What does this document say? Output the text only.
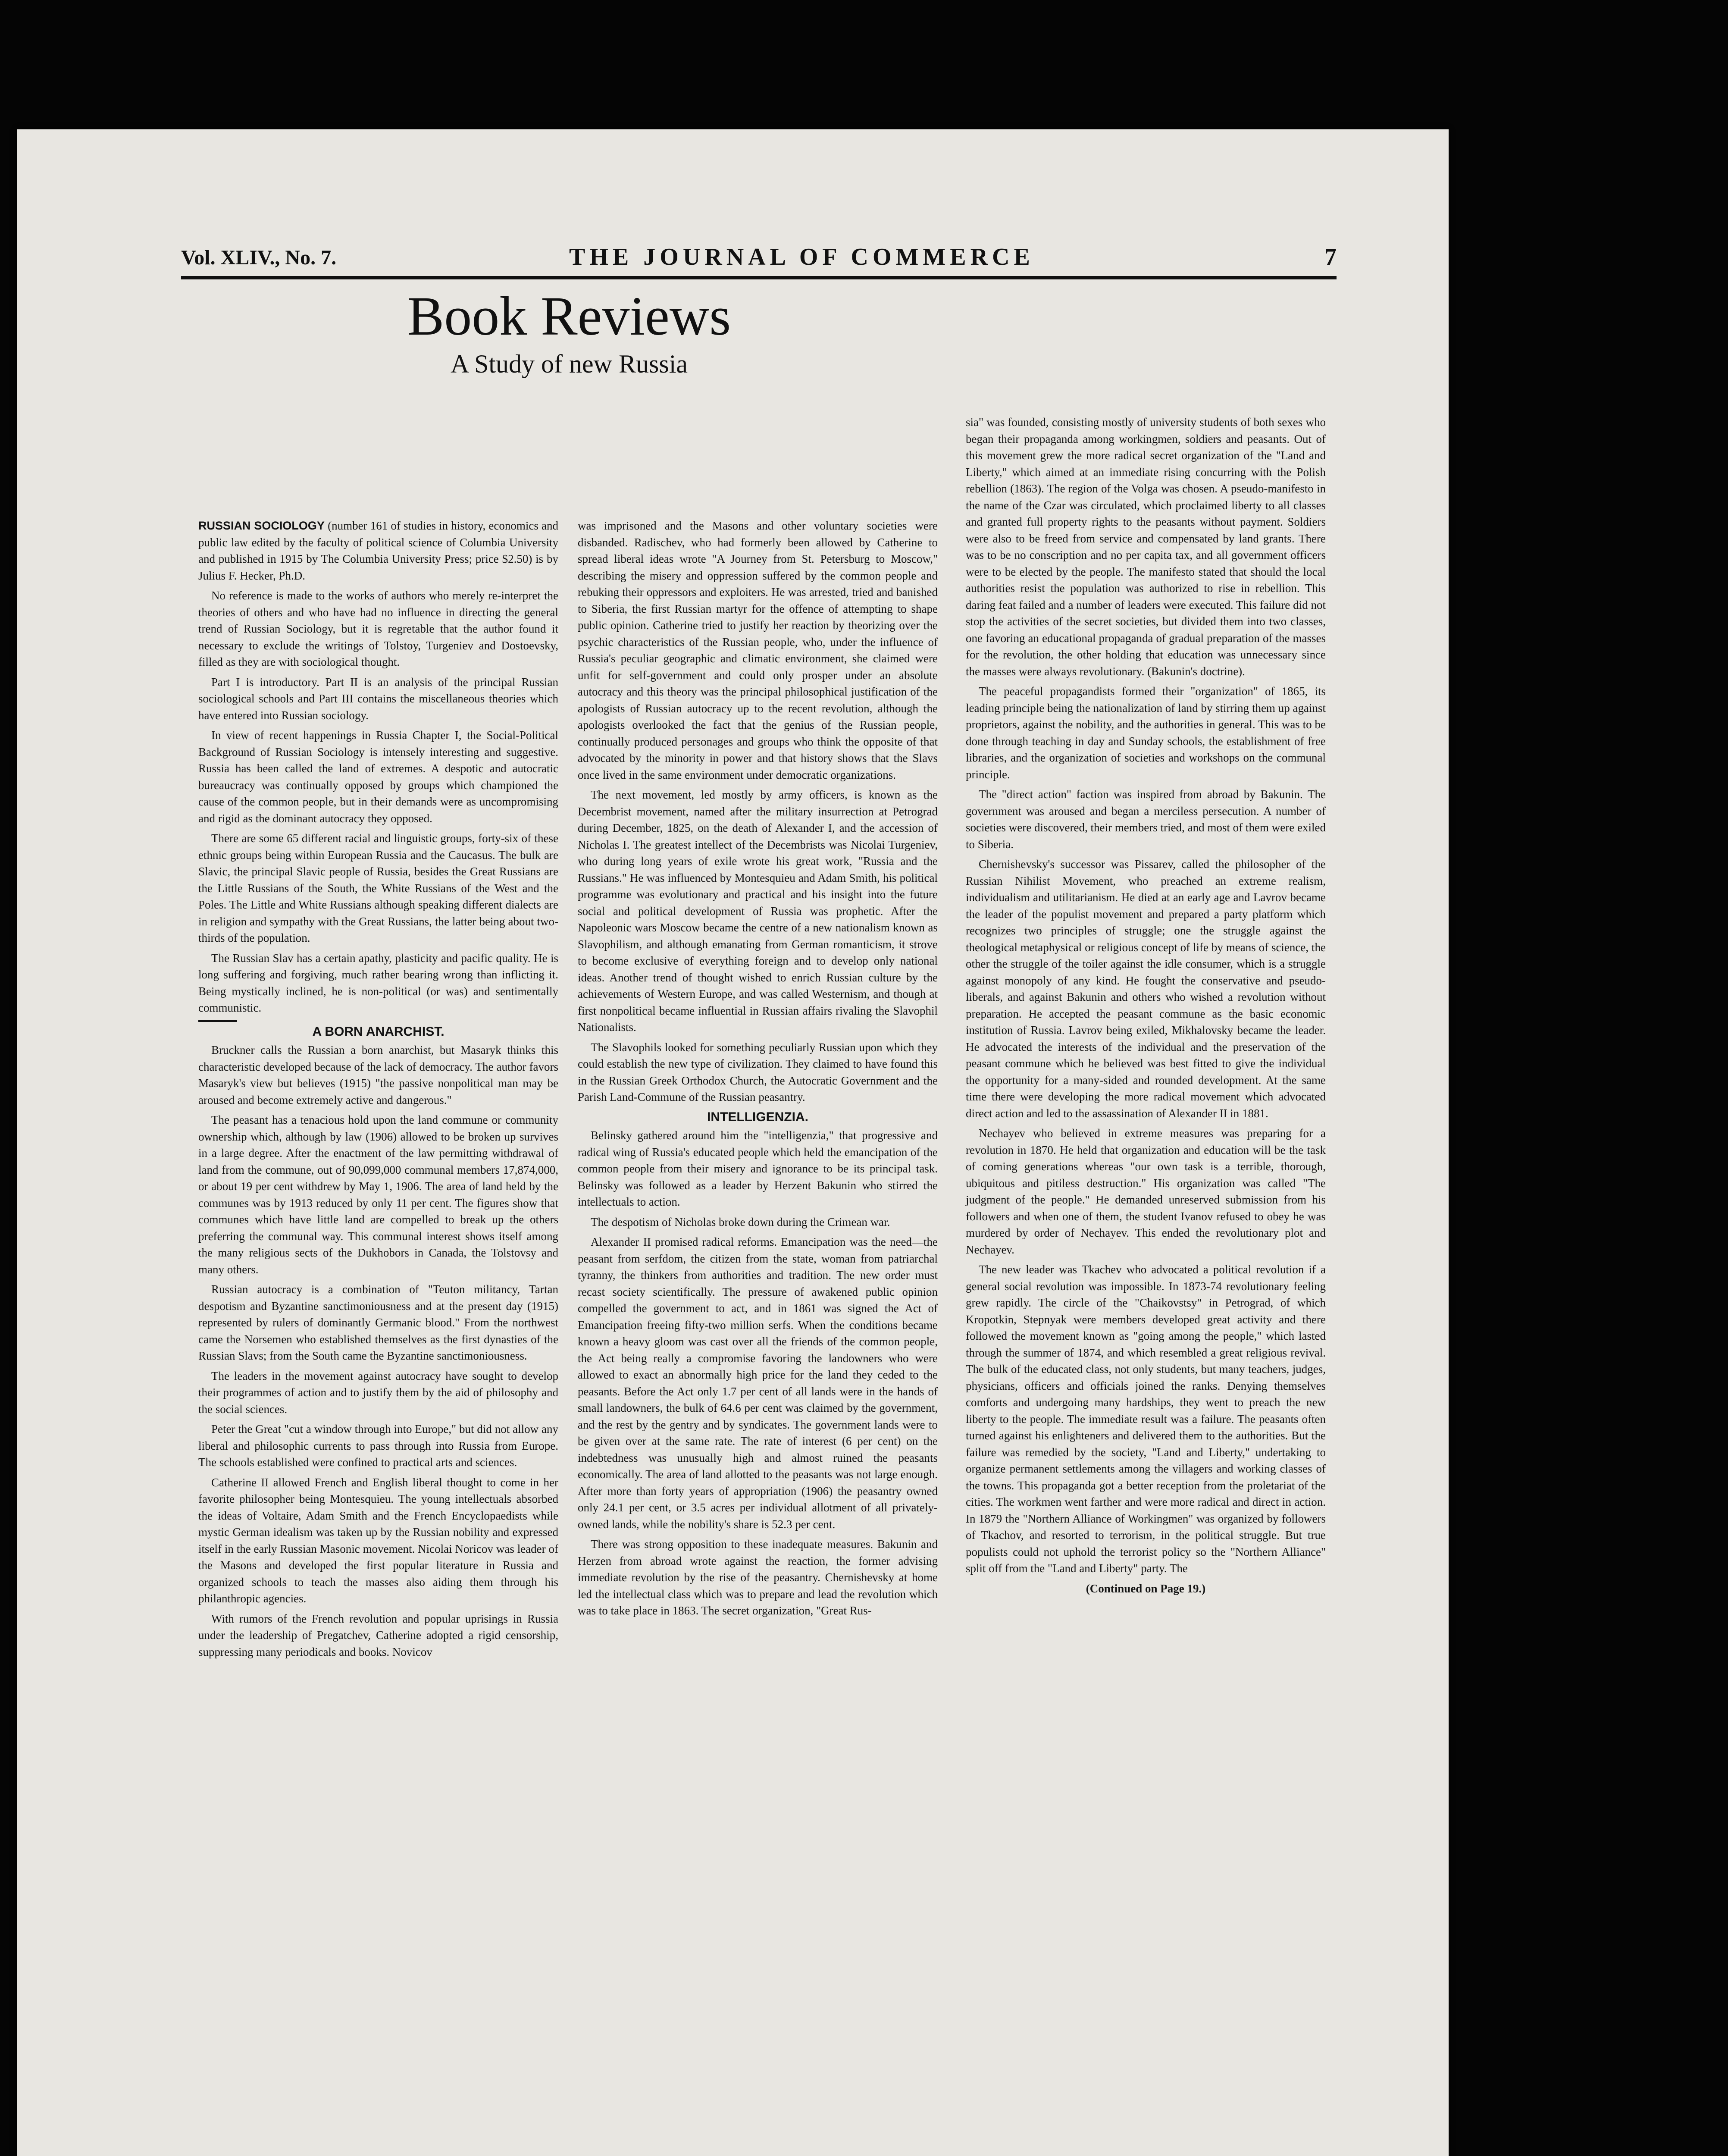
Vol. XLIV., No. 7.	THE JOURNAL OF COMMERCE	7
Book Reviews
A Study of new Russia

RUSSIAN SOCIOLOGY (number 161 of studies in history, economics and public law edited by the faculty of political science of Columbia University and published in 1915 by The Columbia University Press; price $2.50) is by Julius F. Hecker, Ph.D.

No reference is made to the works of authors who merely re-interpret the theories of others and who have had no influence in directing the general trend of Russian Sociology, but it is regretable that the author found it necessary to exclude the writings of Tolstoy, Turgeniev and Dostoevsky, filled as they are with sociological thought.

Part I is introductory. Part II is an analysis of the principal Russian sociological schools and Part III contains the miscellaneous theories which have entered into Russian sociology.

In view of recent happenings in Russia Chapter I, the Social-Political Background of Russian Sociology is intensely interesting and suggestive. Russia has been called the land of extremes. A despotic and autocratic bureaucracy was continually opposed by groups which championed the cause of the common people, but in their demands were as uncompromising and rigid as the dominant autocracy they opposed.

There are some 65 different racial and linguistic groups, forty-six of these ethnic groups being within European Russia and the Caucasus. The bulk are Slavic, the principal Slavic people of Russia, besides the Great Russians are the Little Russians of the South, the White Russians of the West and the Poles. The Little and White Russians although speaking different dialects are in religion and sympathy with the Great Russians, the latter being about two-thirds of the population.

The Russian Slav has a certain apathy, plasticity and pacific quality. He is long suffering and forgiving, much rather bearing wrong than inflicting it. Being mystically inclined, he is non-political (or was) and sentimentally communistic.

A BORN ANARCHIST.

Bruckner calls the Russian a born anarchist, but Masaryk thinks this characteristic developed because of the lack of democracy. The author favors Masaryk's view but believes (1915) "the passive nonpolitical man may be aroused and become extremely active and dangerous."

The peasant has a tenacious hold upon the land commune or community ownership which, although by law (1906) allowed to be broken up survives in a large degree. After the enactment of the law permitting withdrawal of land from the commune, out of 90,099,000 communal members 17,874,000, or about 19 per cent withdrew by May 1, 1906. The area of land held by the communes was by 1913 reduced by only 11 per cent. The figures show that communes which have little land are compelled to break up the others preferring the communal way. This communal interest shows itself among the many religious sects of the Dukhobors in Canada, the Tolstovsy and many others.

Russian autocracy is a combination of "Teuton militancy, Tartan despotism and Byzantine sanctimoniousness and at the present day (1915) represented by rulers of dominantly Germanic blood." From the northwest came the Norsemen who established themselves as the first dynasties of the Russian Slavs; from the South came the Byzantine sanctimoniousness.

The leaders in the movement against autocracy have sought to develop their programmes of action and to justify them by the aid of philosophy and the social sciences.

Peter the Great "cut a window through into Europe," but did not allow any liberal and philosophic currents to pass through into Russia from Europe. The schools established were confined to practical arts and sciences.

Catherine II allowed French and English liberal thought to come in her favorite philosopher being Montesquieu. The young intellectuals absorbed the ideas of Voltaire, Adam Smith and the French Encyclopaedists while mystic German idealism was taken up by the Russian nobility and expressed itself in the early Russian Masonic movement. Nicolai Noricov was leader of the Masons and developed the first popular literature in Russia and organized schools to teach the masses also aiding them through his philanthropic agencies.

With rumors of the French revolution and popular uprisings in Russia under the leadership of Pregatchev, Catherine adopted a rigid censorship, suppressing many periodicals and books. Novicov

was imprisoned and the Masons and other voluntary societies were disbanded. Radischev, who had formerly been allowed by Catherine to spread liberal ideas wrote "A Journey from St. Petersburg to Moscow," describing the misery and oppression suffered by the common people and rebuking their oppressors and exploiters. He was arrested, tried and banished to Siberia, the first Russian martyr for the offence of attempting to shape public opinion. Catherine tried to justify her reaction by theorizing over the psychic characteristics of the Russian people, who, under the influence of Russia's peculiar geographic and climatic environment, she claimed were unfit for self-government and could only prosper under an absolute autocracy and this theory was the principal philosophical justification of the apologists of Russian autocracy up to the recent revolution, although the apologists overlooked the fact that the genius of the Russian people, continually produced personages and groups who think the opposite of that advocated by the minority in power and that history shows that the Slavs once lived in the same environment under democratic organizations.

The next movement, led mostly by army officers, is known as the Decembrist movement, named after the military insurrection at Petrograd during December, 1825, on the death of Alexander I, and the accession of Nicholas I. The greatest intellect of the Decembrists was Nicolai Turgeniev, who during long years of exile wrote his great work, "Russia and the Russians." He was influenced by Montesquieu and Adam Smith, his political programme was evolutionary and practical and his insight into the future social and political development of Russia was prophetic. After the Napoleonic wars Moscow became the centre of a new nationalism known as Slavophilism, and although emanating from German romanticism, it strove to become exclusive of everything foreign and to develop only national ideas. Another trend of thought wished to enrich Russian culture by the achievements of Western Europe, and was called Westernism, and though at first nonpolitical became influential in Russian affairs rivaling the Slavophil Nationalists.

The Slavophils looked for something peculiarly Russian upon which they could establish the new type of civilization. They claimed to have found this in the Russian Greek Orthodox Church, the Autocratic Government and the Parish Land-Commune of the Russian peasantry.

INTELLIGENZIA.

Belinsky gathered around him the "intelligenzia," that progressive and radical wing of Russia's educated people which held the emancipation of the common people from their misery and ignorance to be its principal task. Belinsky was followed as a leader by Herzent Bakunin who stirred the intellectuals to action.

The despotism of Nicholas broke down during the Crimean war.

Alexander II promised radical reforms. Emancipation was the need—the peasant from serfdom, the citizen from the state, woman from patriarchal tyranny, the thinkers from authorities and tradition. The new order must recast society scientifically. The pressure of awakened public opinion compelled the government to act, and in 1861 was signed the Act of Emancipation freeing fifty-two million serfs. When the conditions became known a heavy gloom was cast over all the friends of the common people, the Act being really a compromise favoring the landowners who were allowed to exact an abnormally high price for the land they ceded to the peasants. Before the Act only 1.7 per cent of all lands were in the hands of small landowners, the bulk of 64.6 per cent was claimed by the government, and the rest by the gentry and by syndicates. The government lands were to be given over at the same rate. The rate of interest (6 per cent) on the indebtedness was unusually high and almost ruined the peasants economically. The area of land allotted to the peasants was not large enough. After more than forty years of appropriation (1906) the peasantry owned only 24.1 per cent, or 3.5 acres per individual allotment of all privately-owned lands, while the nobility's share is 52.3 per cent.

There was strong opposition to these inadequate measures. Bakunin and Herzen from abroad wrote against the reaction, the former advising immediate revolution by the rise of the peasantry. Chernishevsky at home led the intellectual class which was to prepare and lead the revolution which was to take place in 1863. The secret organization, "Great Rus-

sia" was founded, consisting mostly of university students of both sexes who began their propaganda among workingmen, soldiers and peasants. Out of this movement grew the more radical secret organization of the "Land and Liberty," which aimed at an immediate rising concurring with the Polish rebellion (1863). The region of the Volga was chosen. A pseudo-manifesto in the name of the Czar was circulated, which proclaimed liberty to all classes and granted full property rights to the peasants without payment. Soldiers were also to be freed from service and compensated by land grants. There was to be no conscription and no per capita tax, and all government officers were to be elected by the people. The manifesto stated that should the local authorities resist the population was authorized to rise in rebellion. This daring feat failed and a number of leaders were executed. This failure did not stop the activities of the secret societies, but divided them into two classes, one favoring an educational propaganda of gradual preparation of the masses for the revolution, the other holding that education was unnecessary since the masses were always revolutionary. (Bakunin's doctrine).

The peaceful propagandists formed their "organization" of 1865, its leading principle being the nationalization of land by stirring them up against proprietors, against the nobility, and the authorities in general. This was to be done through teaching in day and Sunday schools, the establishment of free libraries, and the organization of societies and workshops on the communal principle.

The "direct action" faction was inspired from abroad by Bakunin. The government was aroused and began a merciless persecution. A number of societies were discovered, their members tried, and most of them were exiled to Siberia.

Chernishevsky's successor was Pissarev, called the philosopher of the Russian Nihilist Movement, who preached an extreme realism, individualism and utilitarianism. He died at an early age and Lavrov became the leader of the populist movement and prepared a party platform which recognizes two principles of struggle; one the struggle against the theological metaphysical or religious concept of life by means of science, the other the struggle of the toiler against the idle consumer, which is a struggle against monopoly of any kind. He fought the conservative and pseudo-liberals, and against Bakunin and others who wished a revolution without preparation. He accepted the peasant commune as the basic economic institution of Russia. Lavrov being exiled, Mikhalovsky became the leader. He advocated the interests of the individual and the preservation of the peasant commune which he believed was best fitted to give the individual the opportunity for a many-sided and rounded development. At the same time there were developing the more radical movement which advocated direct action and led to the assassination of Alexander II in 1881.

Nechayev who believed in extreme measures was preparing for a revolution in 1870. He held that organization and education will be the task of coming generations whereas "our own task is a terrible, thorough, ubiquitous and pitiless destruction." His organization was called "The judgment of the people." He demanded unreserved submission from his followers and when one of them, the student Ivanov refused to obey he was murdered by order of Nechayev. This ended the revolutionary plot and Nechayev.

The new leader was Tkachev who advocated a political revolution if a general social revolution was impossible. In 1873-74 revolutionary feeling grew rapidly. The circle of the "Chaikovstsy" in Petrograd, of which Kropotkin, Stepnyak were members developed great activity and there followed the movement known as "going among the people," which lasted through the summer of 1874, and which resembled a great religious revival. The bulk of the educated class, not only students, but many teachers, judges, physicians, officers and officials joined the ranks. Denying themselves comforts and undergoing many hardships, they went to preach the new liberty to the people. The immediate result was a failure. The peasants often turned against his enlighteners and delivered them to the authorities. But the failure was remedied by the society, "Land and Liberty," undertaking to organize permanent settlements among the villagers and working classes of the towns. This propaganda got a better reception from the proletariat of the cities. The workmen went farther and were more radical and direct in action. In 1879 the "Northern Alliance of Workingmen" was organized by followers of Tkachov, and resorted to terrorism, in the political struggle. But true populists could not uphold the terrorist policy so the "Northern Alliance" split off from the "Land and Liberty" party. The

(Continued on Page 19.)
